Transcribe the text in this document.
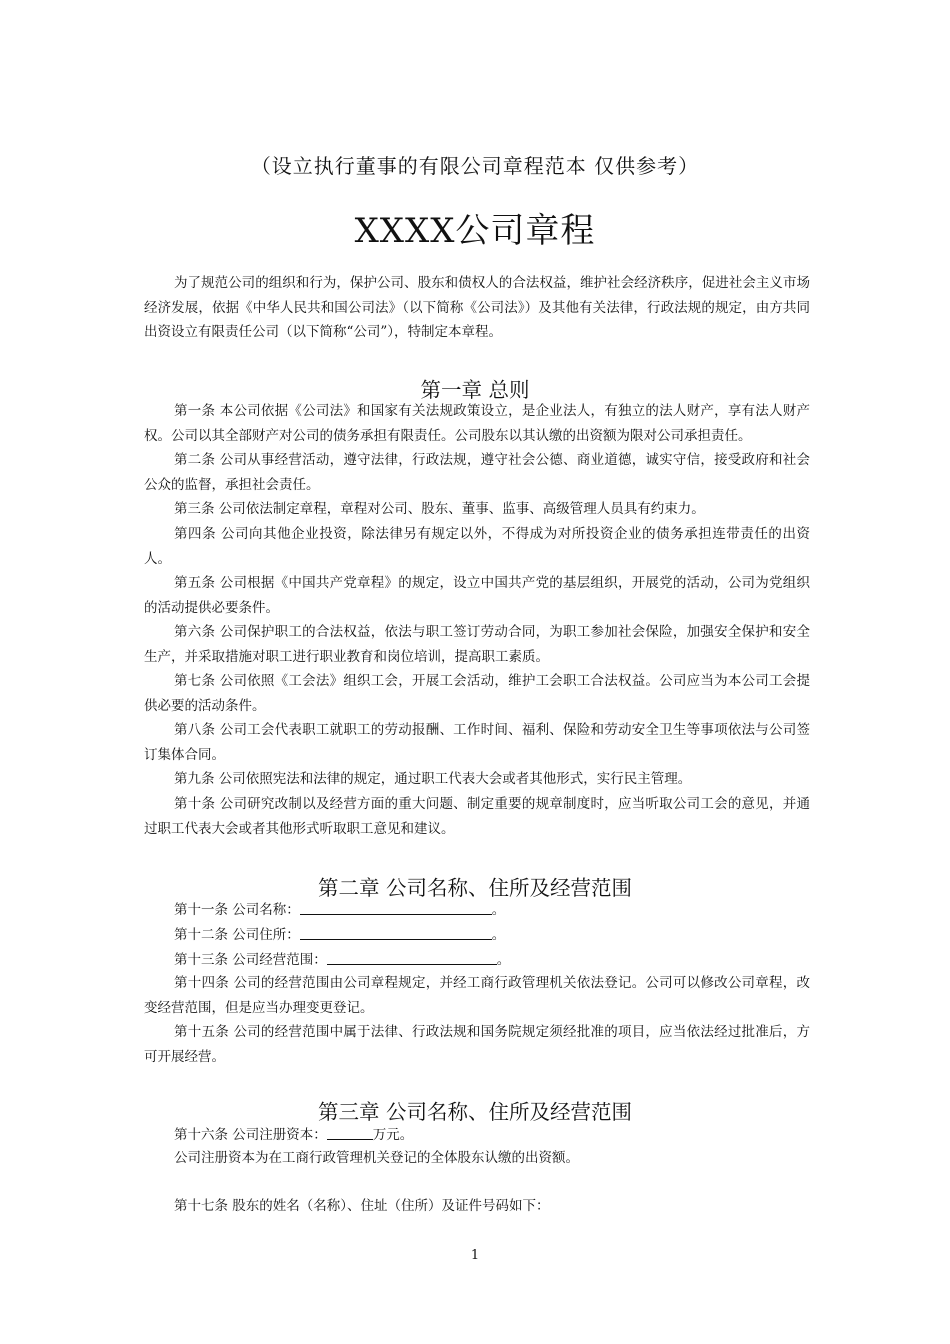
（设立执行董事的有限公司章程范本 仅供参考）
XXXX公司章程

为了规范公司的组织和行为，保护公司、股东和债权人的合法权益，维护社会经济秩序，促进社会主义市场经济发展，依据《中华人民共和国公司法》（以下简称《公司法》）及其他有关法律，行政法规的规定，由方共同出资设立有限责任公司（以下简称“公司”），特制定本章程。

第一章 总则

第一条 本公司依据《公司法》和国家有关法规政策设立，是企业法人，有独立的法人财产，享有法人财产权。公司以其全部财产对公司的债务承担有限责任。公司股东以其认缴的出资额为限对公司承担责任。

第二条 公司从事经营活动，遵守法律，行政法规，遵守社会公德、商业道德，诚实守信，接受政府和社会公众的监督，承担社会责任。

第三条 公司依法制定章程，章程对公司、股东、董事、监事、高级管理人员具有约束力。

第四条 公司向其他企业投资，除法律另有规定以外，不得成为对所投资企业的债务承担连带责任的出资人。

第五条 公司根据《中国共产党章程》的规定，设立中国共产党的基层组织，开展党的活动，公司为党组织的活动提供必要条件。

第六条 公司保护职工的合法权益，依法与职工签订劳动合同，为职工参加社会保险，加强安全保护和安全生产，并采取措施对职工进行职业教育和岗位培训，提高职工素质。

第七条 公司依照《工会法》组织工会，开展工会活动，维护工会职工合法权益。公司应当为本公司工会提供必要的活动条件。

第八条 公司工会代表职工就职工的劳动报酬、工作时间、福利、保险和劳动安全卫生等事项依法与公司签订集体合同。

第九条 公司依照宪法和法律的规定，通过职工代表大会或者其他形式，实行民主管理。

第十条 公司研究改制以及经营方面的重大问题、制定重要的规章制度时，应当听取公司工会的意见，并通过职工代表大会或者其他形式听取职工意见和建议。

第二章 公司名称、住所及经营范围
第十一条 公司名称：	。
第十二条 公司住所：	。
第十三条 公司经营范围：	。

第十四条 公司的经营范围由公司章程规定，并经工商行政管理机关依法登记。公司可以修改公司章程，改变经营范围，但是应当办理变更登记。

第十五条 公司的经营范围中属于法律、行政法规和国务院规定须经批准的项目，应当依法经过批准后，方可开展经营。

第三章 公司名称、住所及经营范围
第十六条 公司注册资本：	万元。

公司注册资本为在工商行政管理机关登记的全体股东认缴的出资额。

第十七条 股东的姓名（名称）、住址（住所）及证件号码如下：

1
